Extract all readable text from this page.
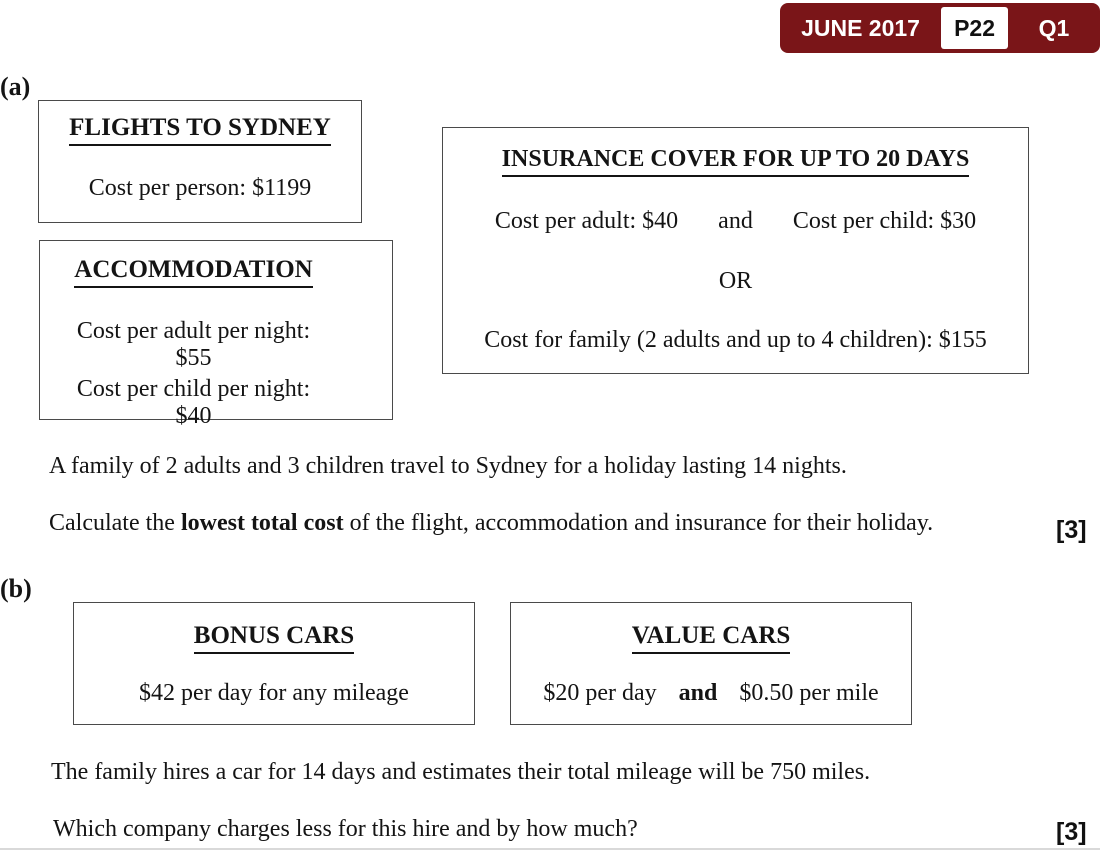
JUNE 2017	P22	Q1
(a)
FLIGHTS TO SYDNEY
Cost per person: $1199
ACCOMMODATION
Cost per adult per night: $55
Cost per child per night: $40
INSURANCE COVER FOR UP TO 20 DAYS
Cost per adult: $40 and Cost per child: $30
OR
Cost for family (2 adults and up to 4 children): $155
A family of 2 adults and 3 children travel to Sydney for a holiday lasting 14 nights.
Calculate the lowest total cost of the flight, accommodation and insurance for their holiday.	[3]
(b)
BONUS CARS
$42 per day for any mileage
VALUE CARS
$20 per day and $0.50 per mile
The family hires a car for 14 days and estimates their total mileage will be 750 miles.
Which company charges less for this hire and by how much?	[3]
